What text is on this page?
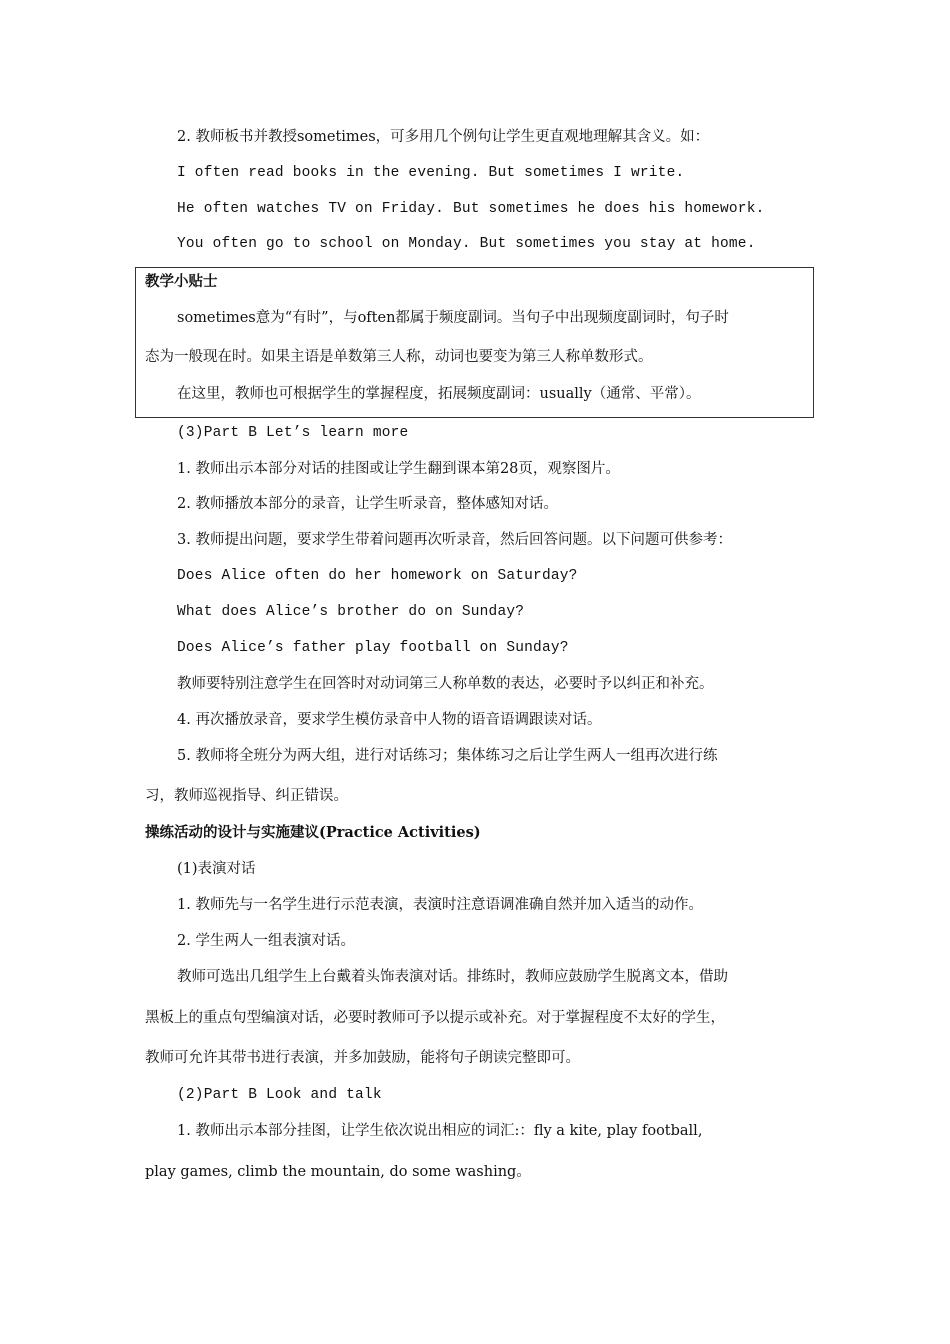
2. 教师板书并教授sometimes，可多用几个例句让学生更直观地理解其含义。如：
I often read books in the evening. But sometimes I write.
He often watches TV on Friday. But sometimes he does his homework.
You often go to school on Monday. But sometimes you stay at home.
教学小贴士
sometimes意为“有时”，与often都属于频度副词。当句子中出现频度副词时，句子时
态为一般现在时。如果主语是单数第三人称，动词也要变为第三人称单数形式。
在这里，教师也可根据学生的掌握程度，拓展频度副词：usually（通常、平常）。
(3)Part B Let’s learn more
1. 教师出示本部分对话的挂图或让学生翻到课本第28页，观察图片。
2. 教师播放本部分的录音，让学生听录音，整体感知对话。
3. 教师提出问题，要求学生带着问题再次听录音，然后回答问题。以下问题可供参考：
Does Alice often do her homework on Saturday?
What does Alice’s brother do on Sunday?
Does Alice’s father play football on Sunday?
教师要特别注意学生在回答时对动词第三人称单数的表达，必要时予以纠正和补充。
4. 再次播放录音，要求学生模仿录音中人物的语音语调跟读对话。
5. 教师将全班分为两大组，进行对话练习；集体练习之后让学生两人一组再次进行练
习，教师巡视指导、纠正错误。
操练活动的设计与实施建议(Practice Activities)
(1)表演对话
1. 教师先与一名学生进行示范表演，表演时注意语调准确自然并加入适当的动作。
2. 学生两人一组表演对话。
教师可选出几组学生上台戴着头饰表演对话。排练时，教师应鼓励学生脱离文本，借助
黑板上的重点句型编演对话，必要时教师可予以提示或补充。对于掌握程度不太好的学生，
教师可允许其带书进行表演，并多加鼓励，能将句子朗读完整即可。
(2)Part B Look and talk
1. 教师出示本部分挂图，让学生依次说出相应的词汇:：fly a kite, play football,
play games, climb the mountain, do some washing。
